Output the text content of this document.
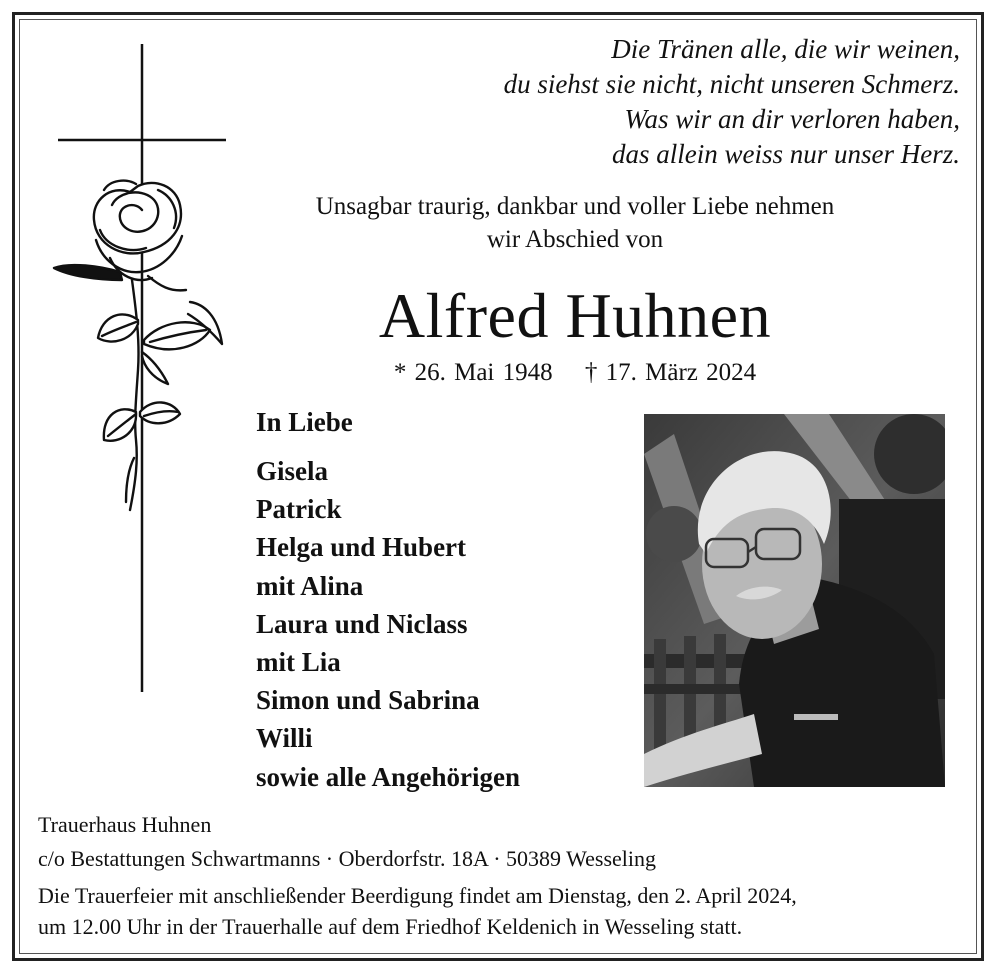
Die Tränen alle, die wir weinen,
du siehst sie nicht, nicht unseren Schmerz.
Was wir an dir verloren haben,
das allein weiss nur unser Herz.
Unsagbar traurig, dankbar und voller Liebe nehmen
wir Abschied von
Alfred Huhnen
* 26. Mai 1948 † 17. März 2024
In Liebe
Gisela
Patrick
Helga und Hubert
mit Alina
Laura und Niclass
mit Lia
Simon und Sabrina
Willi
sowie alle Angehörigen
Trauerhaus Huhnen
c/o Bestattungen Schwartmanns · Oberdorfstr. 18A · 50389 Wesseling
Die Trauerfeier mit anschließender Beerdigung findet am Dienstag, den 2. April 2024,
um 12.00 Uhr in der Trauerhalle auf dem Friedhof Keldenich in Wesseling statt.
